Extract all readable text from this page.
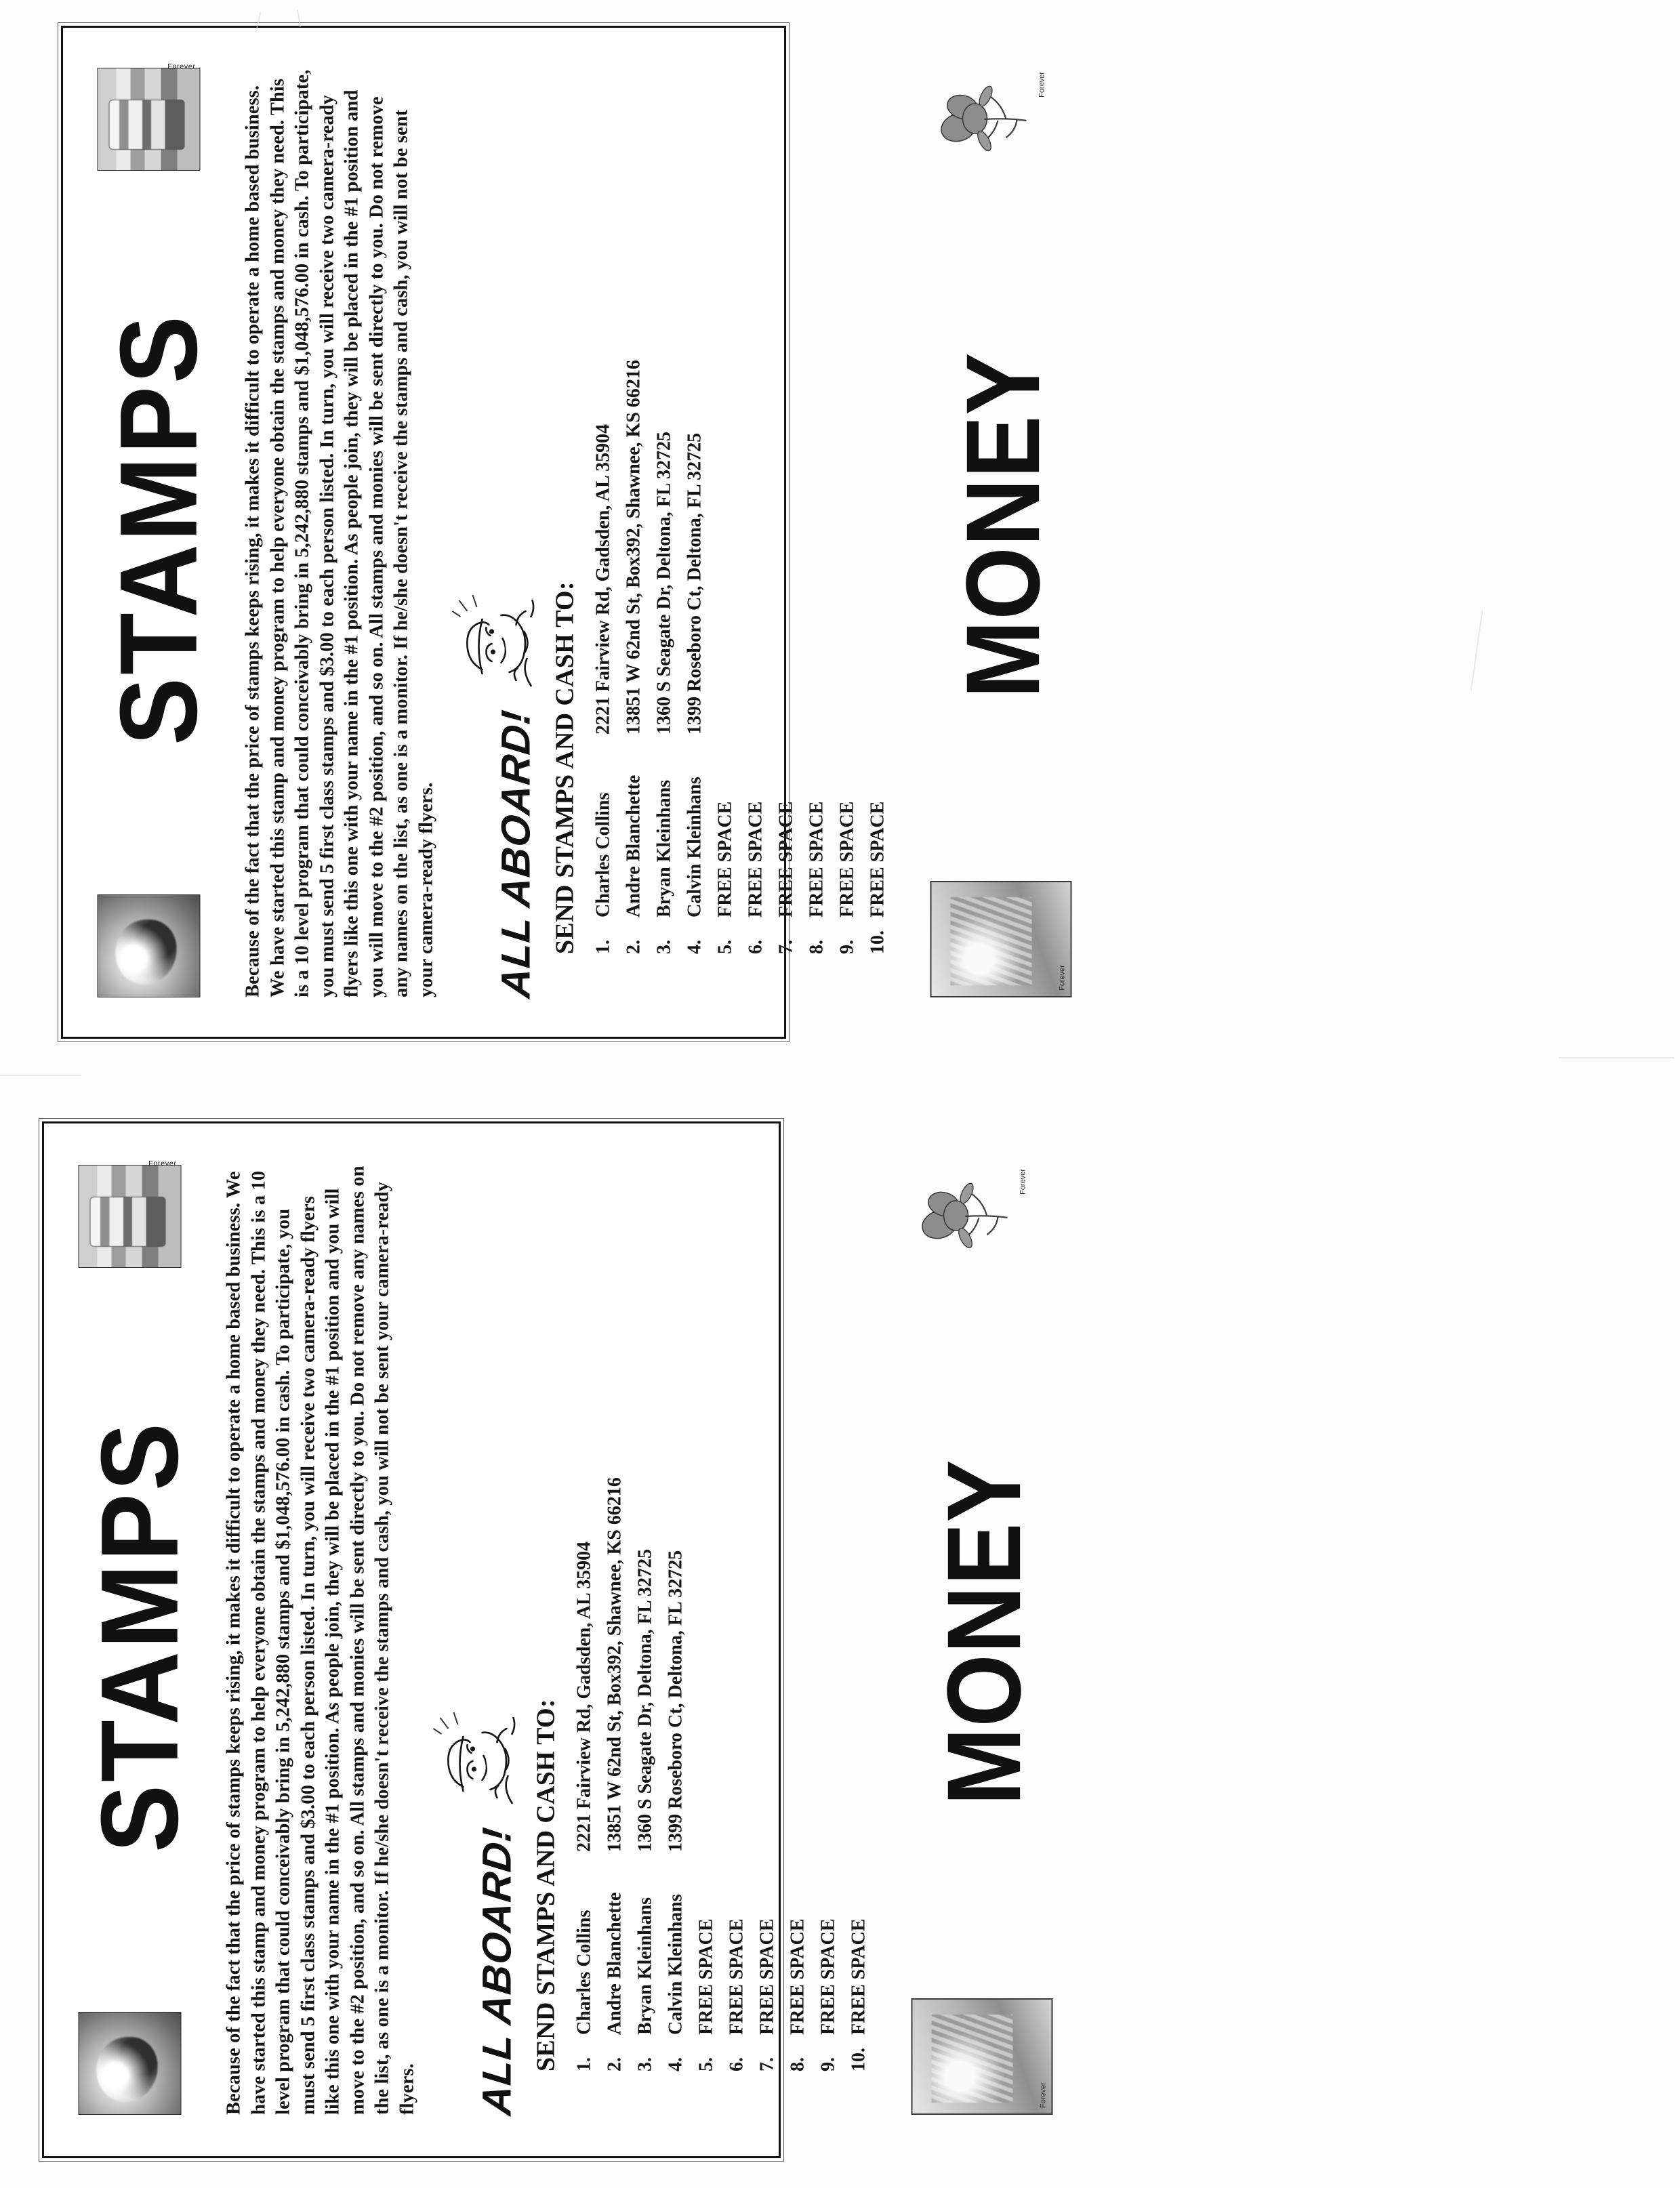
STAMPS
Forever

Because of the fact that the price of stamps keeps rising, it makes it difficult to operate a home based business. We have started this stamp and money program to help everyone obtain the stamps and money they need. This is a 10 level program that could conceivably bring in 5,242,880 stamps and $1,048,576.00 in cash. To participate, you must send 5 first class stamps and $3.00 to each person listed. In turn, you will receive two camera-ready flyers like this one with your name in the #1 position. As people join, they will be placed in the #1 position and you will move to the #2 position, and so on. All stamps and monies will be sent directly to you. Do not remove any names on the list, as one is a monitor. If he/she doesn't receive the stamps and cash, you will not be sent your camera-ready flyers. ALL ABOARD! SEND STAMPS AND CASH TO: 1.
Charles Collins
2221 Fairview Rd, Gadsden, AL 35904
2.
Andre Blanchette
13851 W 62nd St, Box392, Shawnee, KS 66216
3.
Bryan Kleinhans
1360 S Seagate Dr, Deltona, FL 32725
4.
Calvin Kleinhans
1399 Roseboro Ct, Deltona, FL 32725
5.
FREE SPACE
6.
FREE SPACE
7.
FREE SPACE
8.
FREE SPACE
9.
FREE SPACE
10.
FREE SPACE
Forever
MONEY
Forever
STAMPS
Forever

Because of the fact that the price of stamps keeps rising, it makes it difficult to operate a home based business. We have started this stamp and money program to help everyone obtain the stamps and money they need. This is a 10 level program that could conceivably bring in 5,242,880 stamps and $1,048,576.00 in cash. To participate, you must send 5 first class stamps and $3.00 to each person listed. In turn, you will receive two camera-ready flyers like this one with your name in the #1 position. As people join, they will be placed in the #1 position and you will move to the #2 position, and so on. All stamps and monies will be sent directly to you. Do not remove any names on the list, as one is a monitor. If he/she doesn't receive the stamps and cash, you will not be sent your camera-ready flyers. ALL ABOARD! SEND STAMPS AND CASH TO: 1.
Charles Collins
2221 Fairview Rd, Gadsden, AL 35904
2.
Andre Blanchette
13851 W 62nd St, Box392, Shawnee, KS 66216
3.
Bryan Kleinhans
1360 S Seagate Dr, Deltona, FL 32725
4.
Calvin Kleinhans
1399 Roseboro Ct, Deltona, FL 32725
5.
FREE SPACE
6.
FREE SPACE
7.
FREE SPACE
8.
FREE SPACE
9.
FREE SPACE
10.
FREE SPACE
Forever
MONEY
Forever
